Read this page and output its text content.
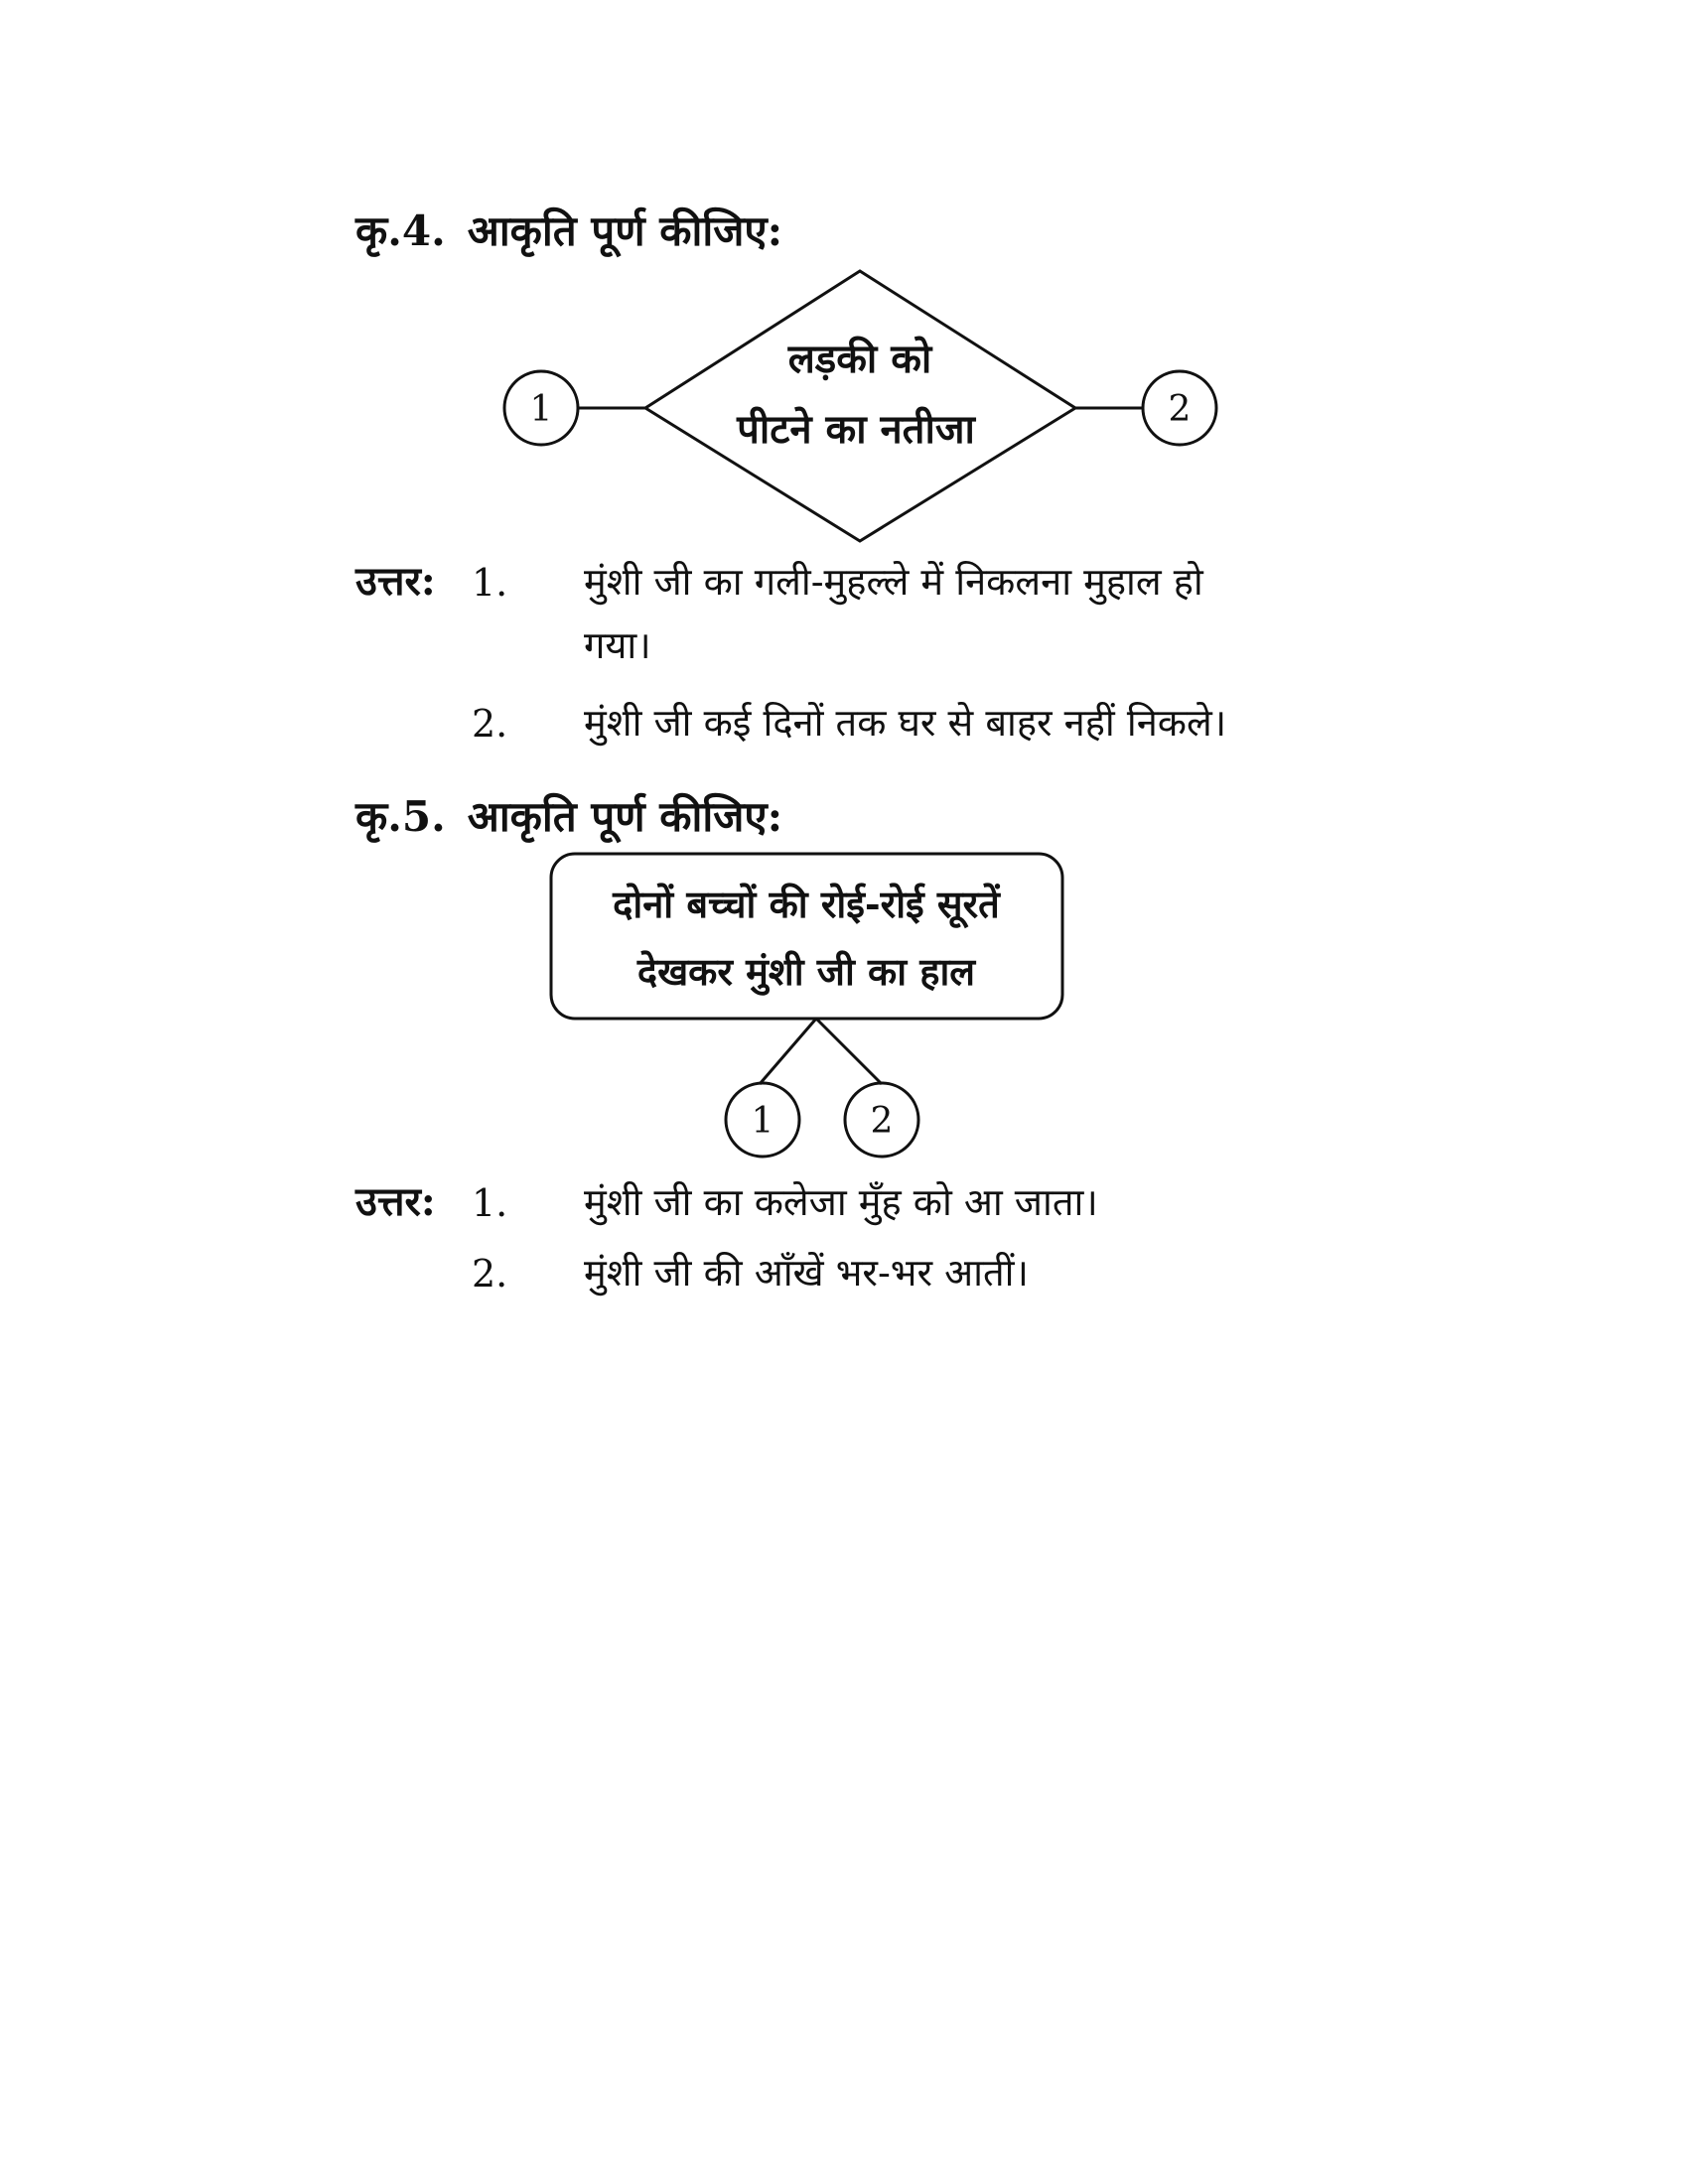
कृ.4. आकृति पूर्ण कीजिए:
1	2
लड़की को
पीटने का नतीजा
उत्तर: 1. मुंशी जी का गली-मुहल्ले में निकलना मुहाल हो
गया।
2. मुंशी जी कई दिनों तक घर से बाहर नहीं निकले।
कृ.5. आकृति पूर्ण कीजिए:
दोनों बच्चों की रोई-रोई सूरतें
देखकर मुंशी जी का हाल
1	2
उत्तर: 1. मुंशी जी का कलेजा मुँह को आ जाता।
2. मुंशी जी की आँखें भर-भर आतीं।
